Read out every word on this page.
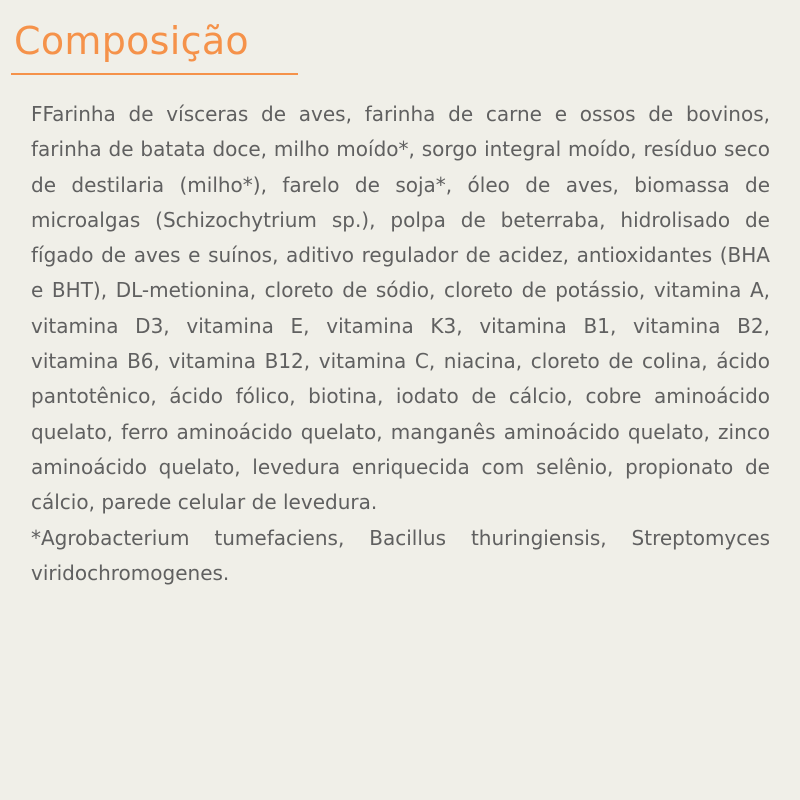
Composição

FFarinha de vísceras de aves, farinha de carne e ossos de bovinos, farinha de batata doce, milho moído*, sorgo integral moído, resíduo seco de destilaria (milho*), farelo de soja*, óleo de aves, biomassa de microalgas (Schizochytrium sp.), polpa de beterraba, hidrolisado de fígado de aves e suínos, aditivo regulador de acidez, antioxidantes (BHA e BHT), DL-metionina, cloreto de sódio, cloreto de potássio, vitamina A, vitamina D3, vitamina E, vitamina K3, vitamina B1, vitamina B2, vitamina B6, vitamina B12, vitamina C, niacina, cloreto de colina, ácido pantotênico, ácido fólico, biotina, iodato de cálcio, cobre aminoácido quelato, ferro aminoácido quelato, manganês aminoácido quelato, zinco aminoácido quelato, levedura enriquecida com selênio, propionato de cálcio, parede celular de levedura.

*Agrobacterium tumefaciens, Bacillus thuringiensis, Streptomyces viridochromogenes.
